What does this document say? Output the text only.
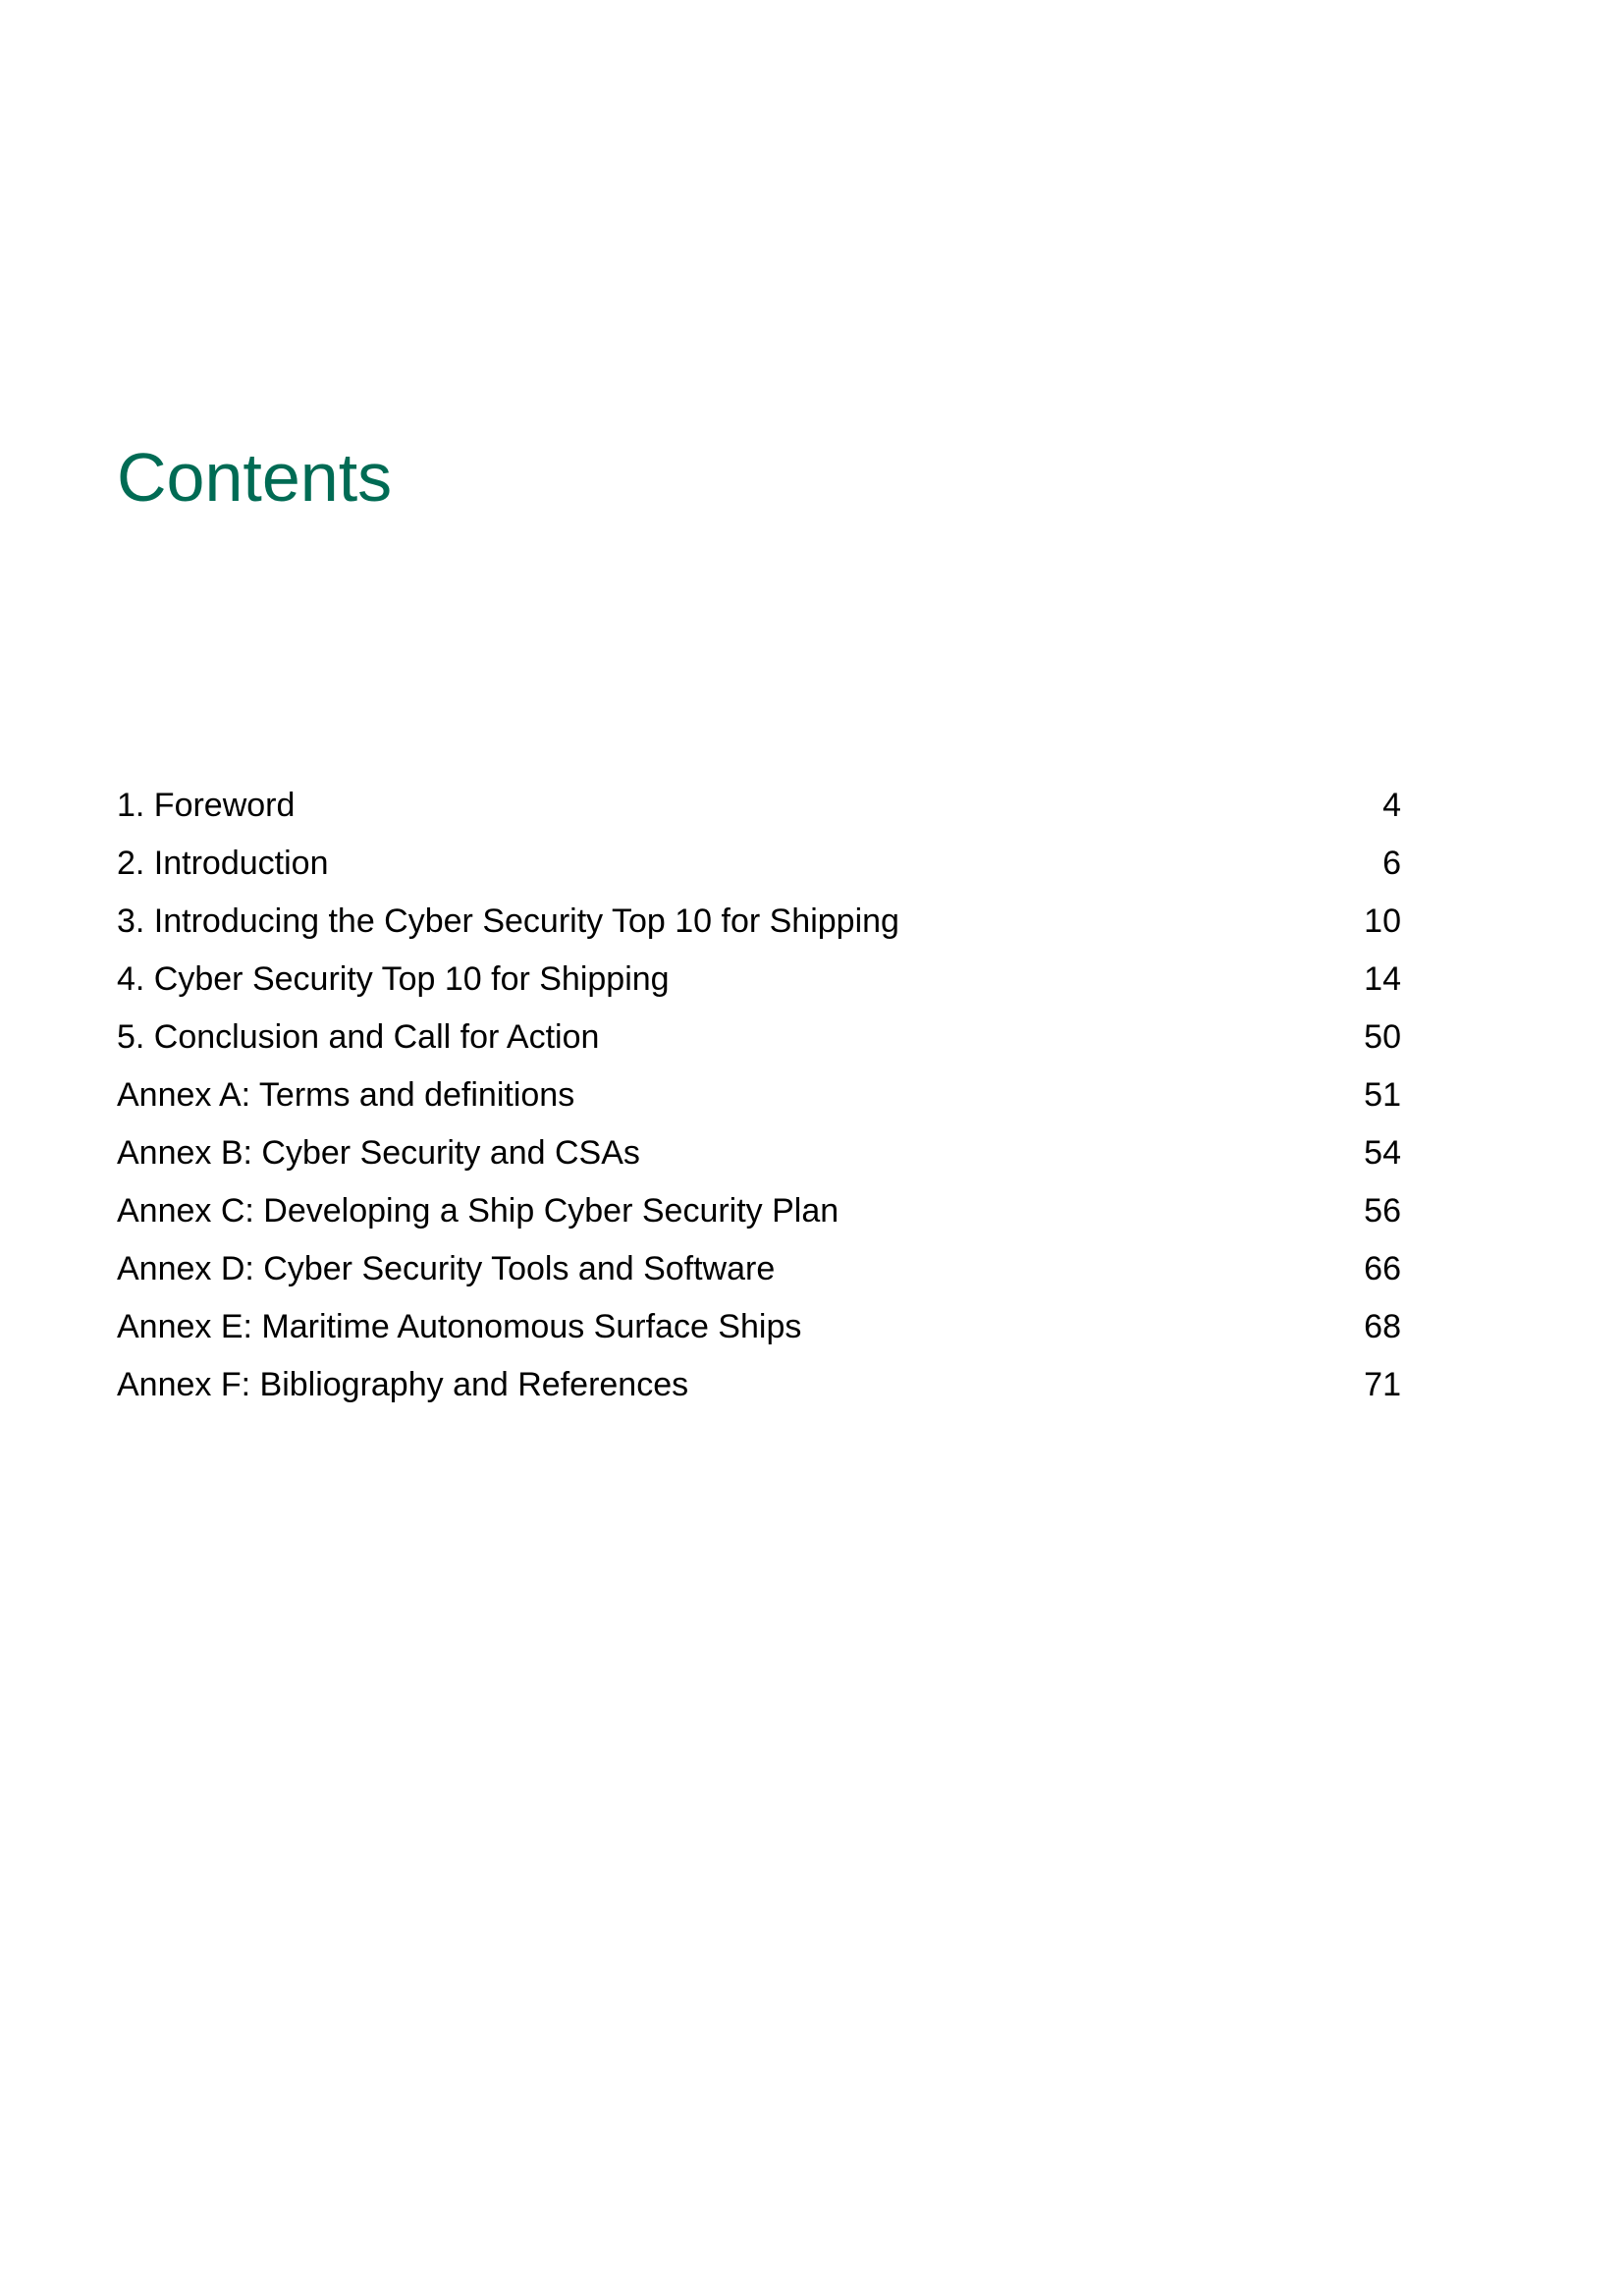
Contents
1. Foreword	4
2. Introduction	6
3. Introducing the Cyber Security Top 10 for Shipping	10
4. Cyber Security Top 10 for Shipping	14
5. Conclusion and Call for Action	50
Annex A: Terms and definitions	51
Annex B: Cyber Security and CSAs	54
Annex C: Developing a Ship Cyber Security Plan	56
Annex D: Cyber Security Tools and Software	66
Annex E: Maritime Autonomous Surface Ships	68
Annex F: Bibliography and References	71
